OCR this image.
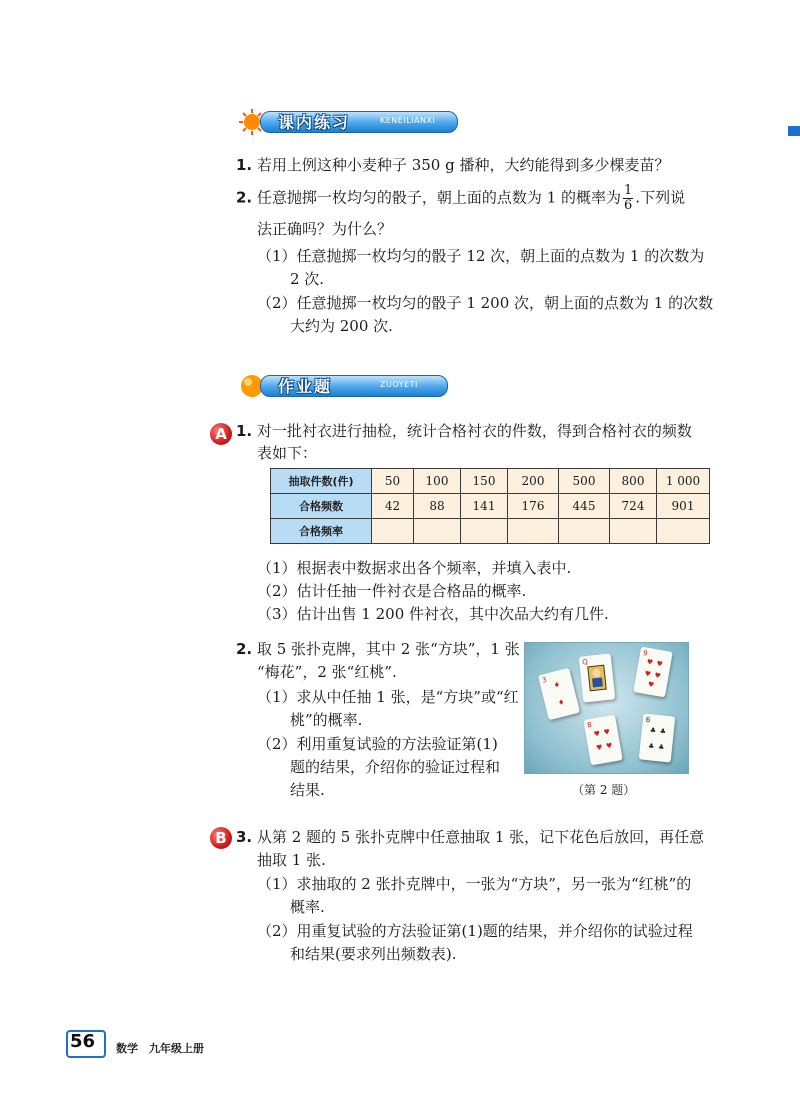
课内练习	KENEILIANXI
1. 若用上例这种小麦种子 350 g 播种，大约能得到多少棵麦苗？
2. 任意抛掷一枚均匀的骰子，朝上面的点数为 1 的概率为 $\frac{1}{6}$ .下列说
法正确吗？为什么？
（1）任意抛掷一枚均匀的骰子 12 次，朝上面的点数为 1 的次数为
2 次.
（2）任意抛掷一枚均匀的骰子 1 200 次，朝上面的点数为 1 的次数
大约为 200 次.
作业题	ZUOYETI
A 1. 对一批衬衣进行抽检，统计合格衬衣的件数，得到合格衬衣的频数
表如下：
抽取件数(件)	50	100	150	200	500	800	1 000
合格频数	42	88	141	176	445	724	901
合格频率							
（1）根据表中数据求出各个频率，并填入表中.
（2）估计任抽一件衬衣是合格品的概率.
（3）估计出售 1 200 件衬衣，其中次品大约有几件.
2. 取 5 张扑克牌，其中 2 张“方块”，1 张
“梅花”，2 张“红桃”.
（1）求从中任抽 1 张，是“方块”或“红
桃”的概率.
（2）利用重复试验的方法验证第(1)
题的结果，介绍你的验证过程和
结果.
3
♦
♦
Q
9
♥ ♥
♥ ♥
♥
8
♥ ♥
♥ ♥
6
♣ ♣
♣ ♣
（第 2 题）
B 3. 从第 2 题的 5 张扑克牌中任意抽取 1 张，记下花色后放回，再任意
抽取 1 张.
（1）求抽取的 2 张扑克牌中，一张为“方块”，另一张为“红桃”的
概率.
（2）用重复试验的方法验证第(1)题的结果，并介绍你的试验过程
和结果(要求列出频数表).
56 数学　九年级上册
